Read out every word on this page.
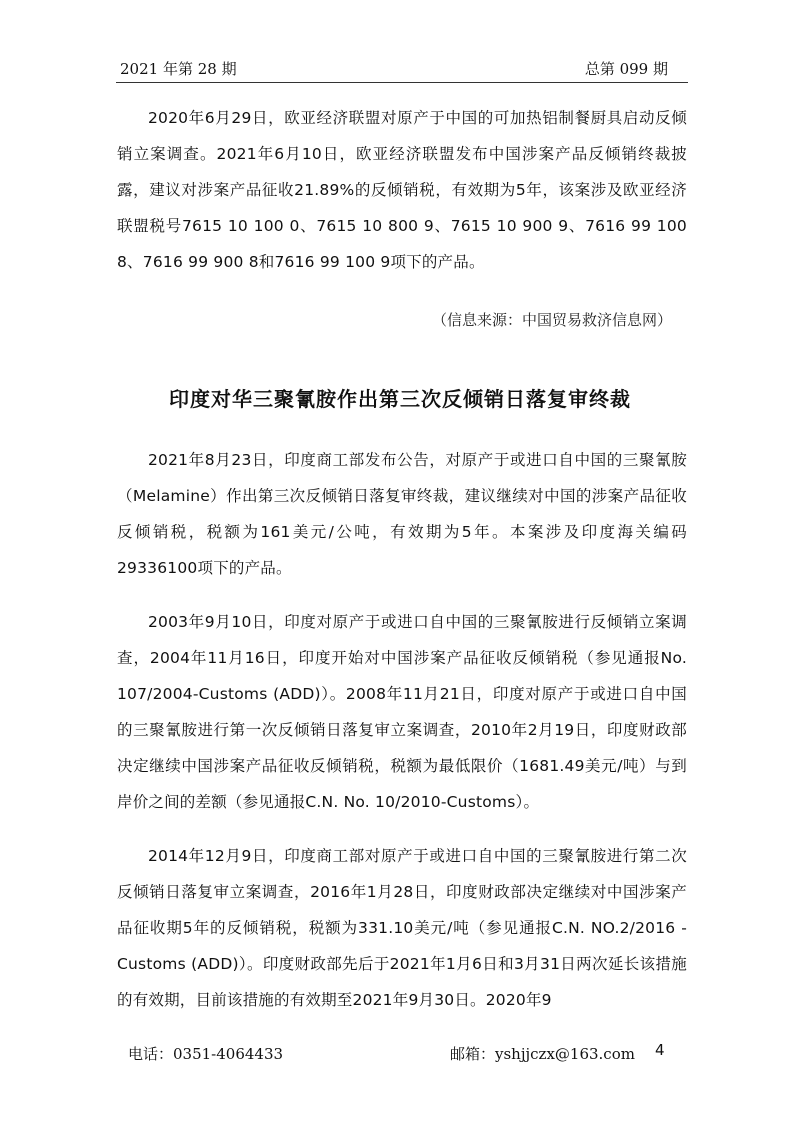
2021 年第 28 期	总第 099 期

2020年6月29日，欧亚经济联盟对原产于中国的可加热铝制餐厨具启动反倾销立案调查。2021年6月10日，欧亚经济联盟发布中国涉案产品反倾销终裁披露，建议对涉案产品征收21.89%的反倾销税，有效期为5年，该案涉及欧亚经济联盟税号7615 10 100 0、7615 10 800 9、7615 10 900 9、7616 99 100 8、7616 99 900 8和7616 99 100 9项下的产品。

（信息来源：中国贸易救济信息网）
印度对华三聚氰胺作出第三次反倾销日落复审终裁

2021年8月23日，印度商工部发布公告，对原产于或进口自中国的三聚氰胺（Melamine）作出第三次反倾销日落复审终裁，建议继续对中国的涉案产品征收反倾销税，税额为161美元/公吨，有效期为5年。本案涉及印度海关编码29336100项下的产品。

2003年9月10日，印度对原产于或进口自中国的三聚氰胺进行反倾销立案调查，2004年11月16日，印度开始对中国涉案产品征收反倾销税（参见通报No. 107/2004-Customs (ADD)）。2008年11月21日，印度对原产于或进口自中国的三聚氰胺进行第一次反倾销日落复审立案调查，2010年2月19日，印度财政部决定继续中国涉案产品征收反倾销税，税额为最低限价（1681.49美元/吨）与到岸价之间的差额（参见通报C.N. No. 10/2010-Customs）。

2014年12月9日，印度商工部对原产于或进口自中国的三聚氰胺进行第二次反倾销日落复审立案调查，2016年1月28日，印度财政部决定继续对中国涉案产品征收期5年的反倾销税，税额为331.10美元/吨（参见通报C.N. NO.2/2016 - Customs (ADD)）。印度财政部先后于2021年1月6日和3月31日两次延长该措施的有效期，目前该措施的有效期至2021年9月30日。2020年9

电话：0351-4064433	邮箱：yshjjczx@163.com 4
